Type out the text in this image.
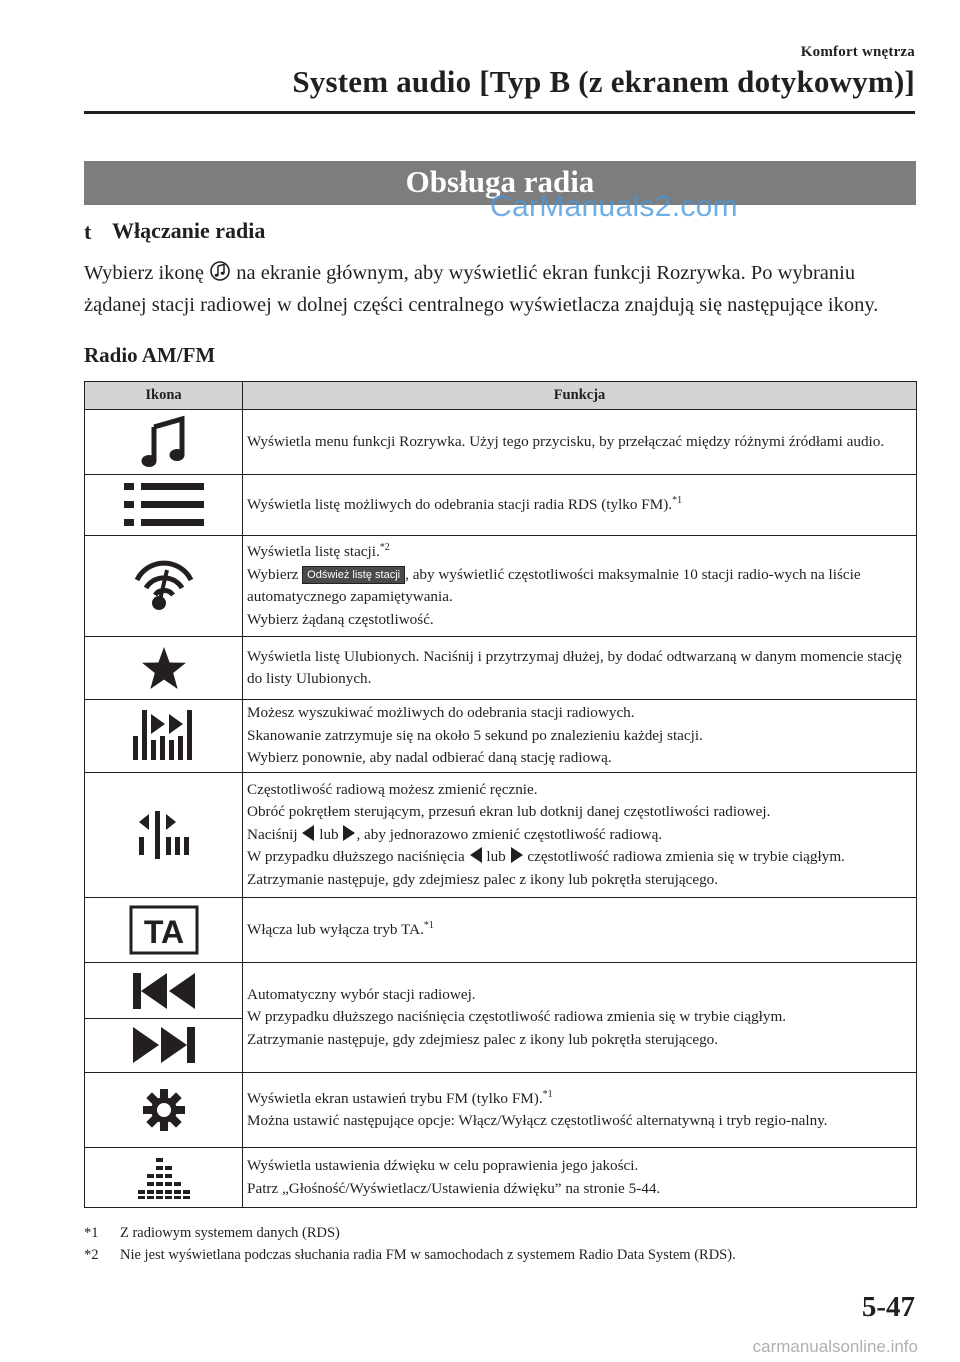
Komfort wnętrza
System audio [Typ B (z ekranem dotykowym)]
Obsługa radia
CarManuals2.com
t Włączanie radia
Wybierz ikonę  na ekranie głównym, aby wyświetlić ekran funkcji Rozrywka. Po wybraniu żądanej stacji radiowej w dolnej części centralnego wyświetlacza znajdują się następujące ikony.
Radio AM/FM
Ikona	Funkcja

Wyświetla menu funkcji Rozrywka. Użyj tego przycisku, by przełączać między różnymi źródłami audio.

Wyświetla listę możliwych do odebrania stacji radia RDS (tylko FM).$^{*1}$

Wyświetla listę stacji.$^{*2}$
Wybierz Odśwież listę stacji , aby wyświetlić częstotliwości maksymalnie 10 stacji radio-wych na liście automatycznego zapamiętywania.
Wybierz żądaną częstotliwość.

Wyświetla listę Ulubionych. Naciśnij i przytrzymaj dłużej, by dodać odtwarzaną w danym momencie stację do listy Ulubionych.

Możesz wyszukiwać możliwych do odebrania stacji radiowych.
Skanowanie zatrzymuje się na około 5 sekund po znalezieniu każdej stacji.
Wybierz ponownie, aby nadal odbierać daną stację radiową.

Częstotliwość radiową możesz zmienić ręcznie.
Obróć pokrętłem sterującym, przesuń ekran lub dotknij danej częstotliwości radiowej.
Naciśnij  lub , aby jednorazowo zmienić częstotliwość radiową.
W przypadku dłuższego naciśnięcia  lub  częstotliwość radiowa zmienia się w trybie ciągłym. Zatrzymanie następuje, gdy zdejmiesz palec z ikony lub pokrętła sterującego.

TA	Włącza lub wyłącza tryb TA.$^{*1}$

Automatyczny wybór stacji radiowej.
W przypadku dłuższego naciśnięcia częstotliwość radiowa zmienia się w trybie ciągłym.
Zatrzymanie następuje, gdy zdejmiesz palec z ikony lub pokrętła sterującego.

Wyświetla ekran ustawień trybu FM (tylko FM).$^{*1}$
Można ustawić następujące opcje: Włącz/Wyłącz częstotliwość alternatywną i tryb regio-nalny.

Wyświetla ustawienia dźwięku w celu poprawienia jego jakości.
Patrz „Głośność/Wyświetlacz/Ustawienia dźwięku” na stronie 5-44.
*1 Z radiowym systemem danych (RDS)
*2 Nie jest wyświetlana podczas słuchania radia FM w samochodach z systemem Radio Data System (RDS).
5-47
carmanualsonline.info
